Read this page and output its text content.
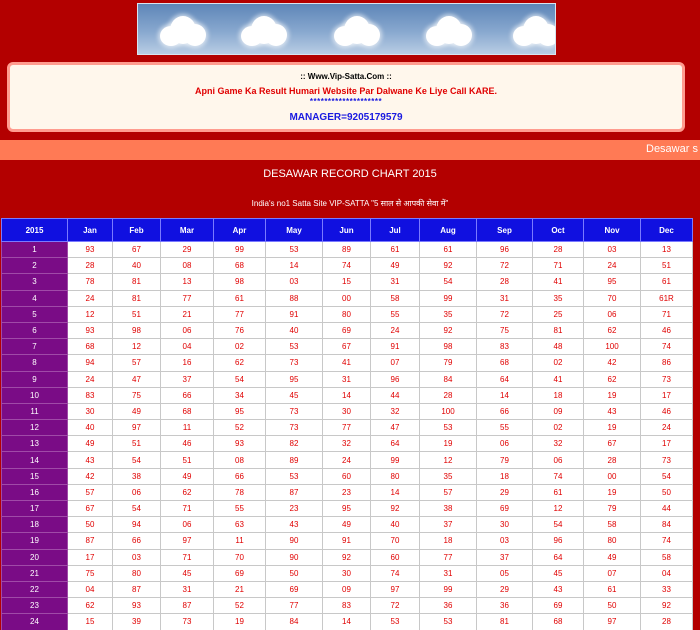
:: Www.Vip-Satta.Com ::
Apni Game Ka Result Humari Website Par Dalwane Ke Liye Call KARE.
********************
MANAGER=9205179579
Desawar s
DESAWAR RECORD CHART 2015
India's no1 Satta Site VIP-SATTA "5 साल से आपकी सेवा में"
2015	Jan	Feb	Mar	Apr	May	Jun	Jul	Aug	Sep	Oct	Nov	Dec
1	93	67	29	99	53	89	61	61	96	28	03	13
2	28	40	08	68	14	74	49	92	72	71	24	51
3	78	81	13	98	03	15	31	54	28	41	95	61
4	24	81	77	61	88	00	58	99	31	35	70	61R
5	12	51	21	77	91	80	55	35	72	25	06	71
6	93	98	06	76	40	69	24	92	75	81	62	46
7	68	12	04	02	53	67	91	98	83	48	100	74
8	94	57	16	62	73	41	07	79	68	02	42	86
9	24	47	37	54	95	31	96	84	64	41	62	73
10	83	75	66	34	45	14	44	28	14	18	19	17
11	30	49	68	95	73	30	32	100	66	09	43	46
12	40	97	11	52	73	77	47	53	55	02	19	24
13	49	51	46	93	82	32	64	19	06	32	67	17
14	43	54	51	08	89	24	99	12	79	06	28	73
15	42	38	49	66	53	60	80	35	18	74	00	54
16	57	06	62	78	87	23	14	57	29	61	19	50
17	67	54	71	55	23	95	92	38	69	12	79	44
18	50	94	06	63	43	49	40	37	30	54	58	84
19	87	66	97	11	90	91	70	18	03	96	80	74
20	17	03	71	70	90	92	60	77	37	64	49	58
21	75	80	45	69	50	30	74	31	05	45	07	04
22	04	87	31	21	69	09	97	99	29	43	61	33
23	62	93	87	52	77	83	72	36	36	69	50	92
24	15	39	73	19	84	14	53	53	81	68	97	28
